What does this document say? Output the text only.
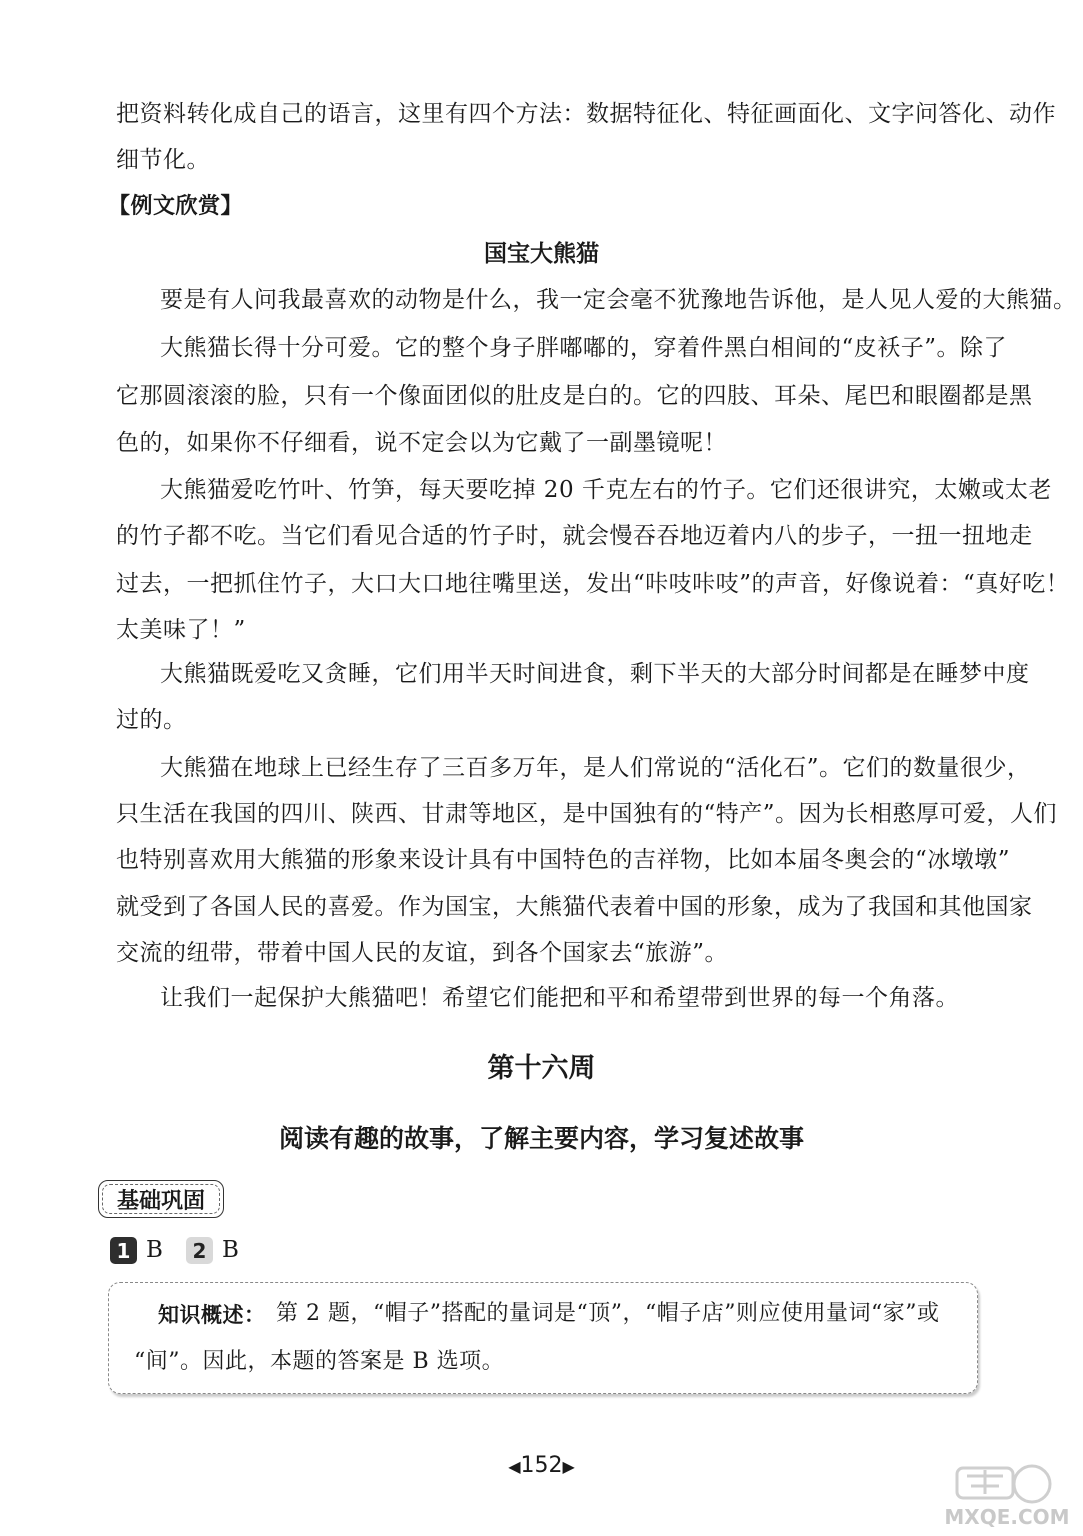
把资料转化成自己的语言，这里有四个方法：数据特征化、特征画面化、文字问答化、动作
细节化。
【例文欣赏】
国宝大熊猫
要是有人问我最喜欢的动物是什么，我一定会毫不犹豫地告诉他，是人见人爱的大熊猫。
大熊猫长得十分可爱。它的整个身子胖嘟嘟的，穿着件黑白相间的“皮袄子”。除了
它那圆滚滚的脸，只有一个像面团似的肚皮是白的。它的四肢、耳朵、尾巴和眼圈都是黑
色的，如果你不仔细看，说不定会以为它戴了一副墨镜呢！
大熊猫爱吃竹叶、竹笋，每天要吃掉 20 千克左右的竹子。它们还很讲究，太嫩或太老
的竹子都不吃。当它们看见合适的竹子时，就会慢吞吞地迈着内八的步子，一扭一扭地走
过去，一把抓住竹子，大口大口地往嘴里送，发出“咔吱咔吱”的声音，好像说着：“真好吃！
太美味了！”
大熊猫既爱吃又贪睡，它们用半天时间进食，剩下半天的大部分时间都是在睡梦中度
过的。
大熊猫在地球上已经生存了三百多万年，是人们常说的“活化石”。它们的数量很少，
只生活在我国的四川、陕西、甘肃等地区，是中国独有的“特产”。因为长相憨厚可爱，人们
也特别喜欢用大熊猫的形象来设计具有中国特色的吉祥物，比如本届冬奥会的“冰墩墩”
就受到了各国人民的喜爱。作为国宝，大熊猫代表着中国的形象，成为了我国和其他国家
交流的纽带，带着中国人民的友谊，到各个国家去“旅游”。
让我们一起保护大熊猫吧！希望它们能把和平和希望带到世界的每一个角落。
第十六周
阅读有趣的故事，了解主要内容，学习复述故事
基础巩固
1 B	2 B
知识概述： 第 2 题，“帽子”搭配的量词是“顶”，“帽子店”则应使用量词“家”或
“间”。因此，本题的答案是 B 选项。
◀152▶
MXQE.COM
